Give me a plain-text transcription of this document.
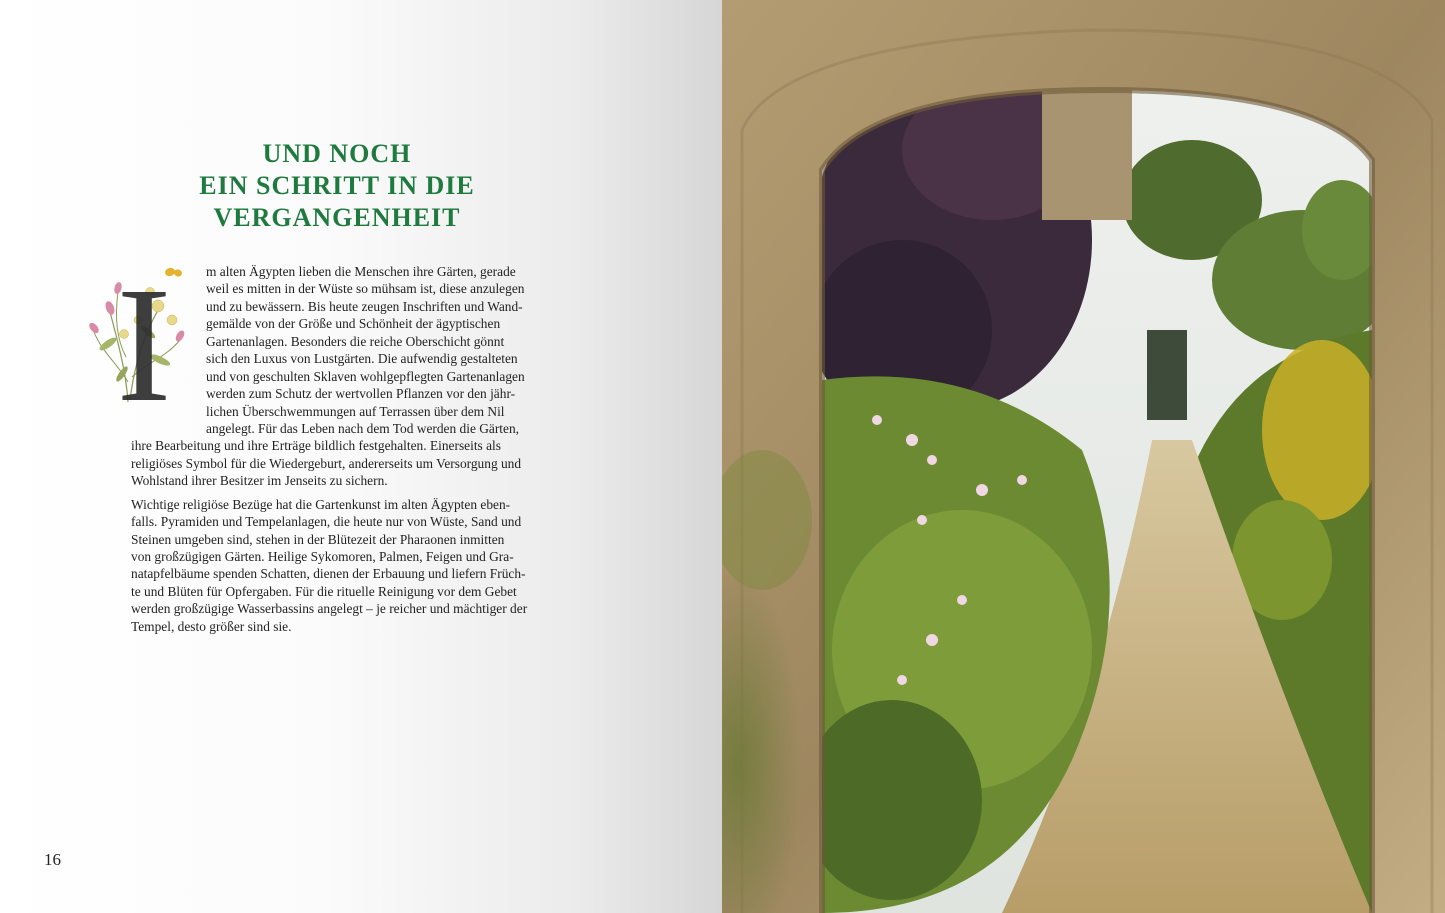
UND NOCH
EIN SCHRITT IN DIE
VERGANGENHEIT
I	m alten Ägypten lieben die Menschen ihre Gärten, gerade
weil es mitten in der Wüste so mühsam ist, diese anzulegen
und zu bewässern. Bis heute zeugen Inschriften und Wand-
gemälde von der Größe und Schönheit der ägyptischen
Gartenanlagen. Besonders die reiche Oberschicht gönnt
sich den Luxus von Lustgärten. Die aufwendig gestalteten
und von geschulten Sklaven wohlgepflegten Gartenanlagen
werden zum Schutz der wertvollen Pflanzen vor den jähr-
lichen Überschwemmungen auf Terrassen über dem Nil
angelegt. Für das Leben nach dem Tod werden die Gärten,
ihre Bearbeitung und ihre Erträge bildlich festgehalten. Einerseits als
religiöses Symbol für die Wiedergeburt, andererseits um Versorgung und
Wohlstand ihrer Besitzer im Jenseits zu sichern.
Wichtige religiöse Bezüge hat die Gartenkunst im alten Ägypten eben-
falls. Pyramiden und Tempelanlagen, die heute nur von Wüste, Sand und
Steinen umgeben sind, stehen in der Blütezeit der Pharaonen inmitten
von großzügigen Gärten. Heilige Sykomoren, Palmen, Feigen und Gra-
natapfelbäume spenden Schatten, dienen der Erbauung und liefern Früch-
te und Blüten für Opfergaben. Für die rituelle Reinigung vor dem Gebet
werden großzügige Wasserbassins angelegt – je reicher und mächtiger der
Tempel, desto größer sind sie.
16
